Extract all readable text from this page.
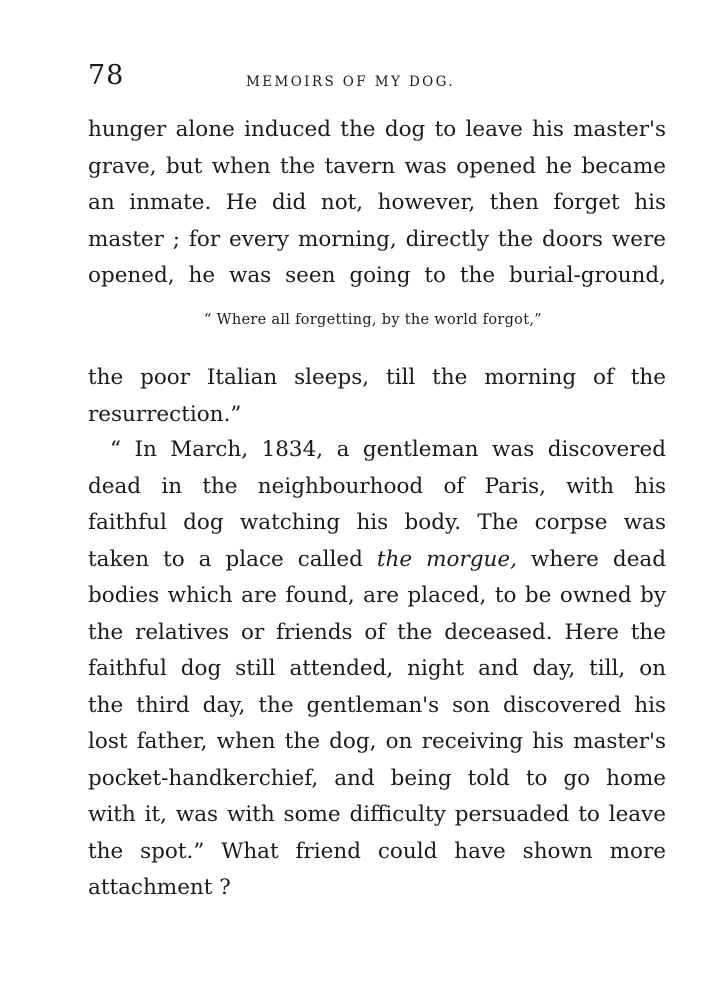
78	MEMOIRS OF MY DOG.
hunger alone induced the dog to leave his master's
grave, but when the tavern was opened he became
an inmate. He did not, however, then forget his
master ; for every morning, directly the doors were
opened, he was seen going to the burial-ground,
“ Where all forgetting, by the world forgot,”
the poor Italian sleeps, till the morning of the
resurrection.”
“ In March, 1834, a gentleman was discovered
dead in the neighbourhood of Paris, with his
faithful dog watching his body. The corpse was
taken to a place called the morgue, where dead
bodies which are found, are placed, to be owned by
the relatives or friends of the deceased. Here the
faithful dog still attended, night and day, till, on
the third day, the gentleman's son discovered his
lost father, when the dog, on receiving his master's
pocket-handkerchief, and being told to go home
with it, was with some difficulty persuaded to leave
the spot.” What friend could have shown more
attachment ?
